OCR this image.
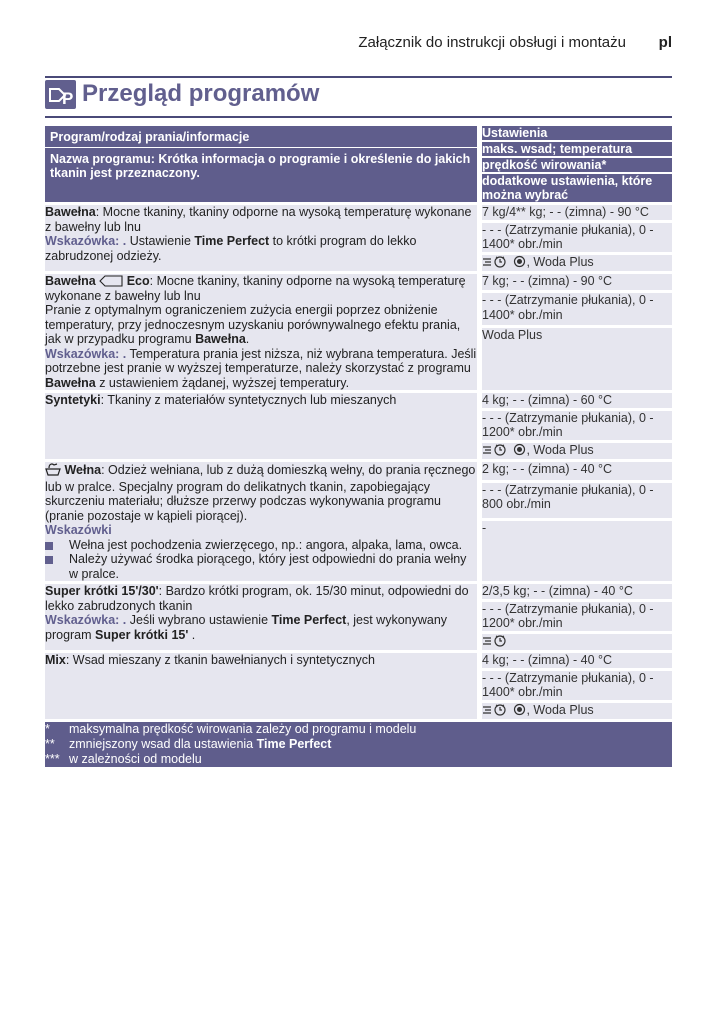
Załącznik do instrukcji obsługi i montażu pl
P Przegląd programów
Program/rodzaj prania/informacje
Nazwa programu: Krótka informacja o programie i określenie do jakich tkanin jest przeznaczony.		Ustawienia
		maks. wsad; temperatura
		prędkość wirowania*
		dodatkowe ustawienia, które można wybrać

Bawełna: Mocne tkaniny, tkaniny odporne na wysoką temperaturę wykonane z bawełny lub lnu
Wskazówka: . Ustawienie Time Perfect to krótki program do lekko zabrudzonej odzieży.		7 kg/4** kg; - - (zimna) - 90 °C
		- - - (Zatrzymanie płukania), 0 - 1400* obr./min
		, Woda Plus

Bawełna Eco: Mocne tkaniny, tkaniny odporne na wysoką temperaturę wykonane z bawełny lub lnu
Pranie z optymalnym ograniczeniem zużycia energii poprzez obniżenie temperatury, przy jednoczesnym uzyskaniu porównywalnego efektu prania, jak w przypadku programu Bawełna.
Wskazówka: . Temperatura prania jest niższa, niż wybrana temperatura. Jeśli potrzebne jest pranie w wyższej temperaturze, należy skorzystać z programu Bawełna z ustawieniem żądanej, wyższej temperatury.		7 kg; - - (zimna) - 90 °C
		- - - (Zatrzymanie płukania), 0 - 1400* obr./min
		Woda Plus

Syntetyki: Tkaniny z materiałów syntetycznych lub mieszanych		4 kg; - - (zimna) - 60 °C
		- - - (Zatrzymanie płukania), 0 - 1200* obr./min
		, Woda Plus

Wełna: Odzież wełniana, lub z dużą domieszką wełny, do prania ręcznego lub w pralce. Specjalny program do delikatnych tkanin, zapobiegający skurczeniu materiału; dłuższe przerwy podczas wykonywania programu (pranie pozostaje w kąpieli piorącej).
Wskazówki
Wełna jest pochodzenia zwierzęcego, np.: angora, alpaka, lama, owca.
Należy używać środka piorącego, który jest odpowiedni do prania wełny w pralce.		2 kg; - - (zimna) - 40 °C
		- - - (Zatrzymanie płukania), 0 - 800 obr./min
		-

Super krótki 15'/30': Bardzo krótki program, ok. 15/30 minut, odpowiedni do lekko zabrudzonych tkanin
Wskazówka: . Jeśli wybrano ustawienie Time Perfect, jest wykonywany program Super krótki 15' .		2/3,5 kg; - - (zimna) - 40 °C
		- - - (Zatrzymanie płukania), 0 - 1200* obr./min

Mix: Wsad mieszany z tkanin bawełnianych i syntetycznych		4 kg; - - (zimna) - 40 °C
		- - - (Zatrzymanie płukania), 0 - 1400* obr./min
		, Woda Plus

* maksymalna prędkość wirowania zależy od programu i modelu
** zmniejszony wsad dla ustawienia Time Perfect
*** w zależności od modelu		
